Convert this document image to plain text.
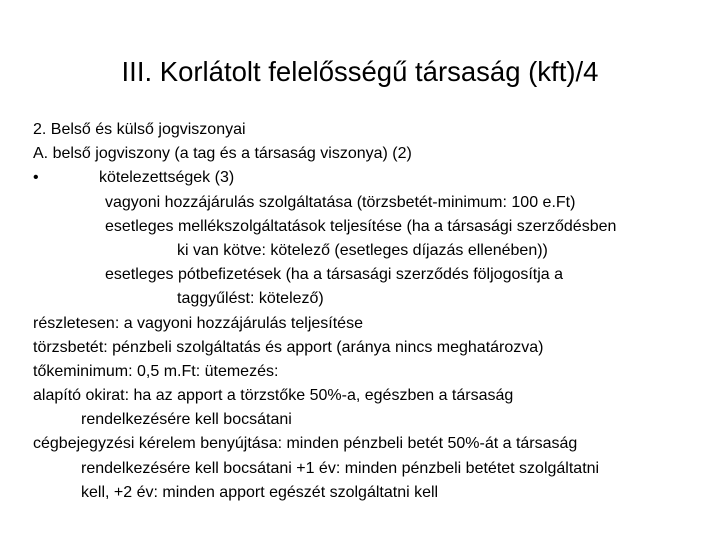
III. Korlátolt felelősségű társaság (kft)/4
2. Belső és külső jogviszonyai
A. belső jogviszony (a tag és a társaság viszonya) (2)
•	kötelezettségek (3)
vagyoni hozzájárulás szolgáltatása (törzsbetét-minimum: 100 e.Ft)
esetleges mellékszolgáltatások teljesítése (ha a társasági szerződésben
ki van kötve: kötelező (esetleges díjazás ellenében))
esetleges pótbefizetések (ha a társasági szerződés följogosítja a
taggyűlést: kötelező)
részletesen: a vagyoni hozzájárulás teljesítése
törzsbetét: pénzbeli szolgáltatás és apport (aránya nincs meghatározva)
tőkeminimum: 0,5 m.Ft: ütemezés:
alapító okirat: ha az apport a törzstőke 50%-a, egészben a társaság
rendelkezésére kell bocsátani
cégbejegyzési kérelem benyújtása: minden pénzbeli betét 50%-át a társaság
rendelkezésére kell bocsátani +1 év: minden pénzbeli betétet szolgáltatni
kell, +2 év: minden apport egészét szolgáltatni kell
